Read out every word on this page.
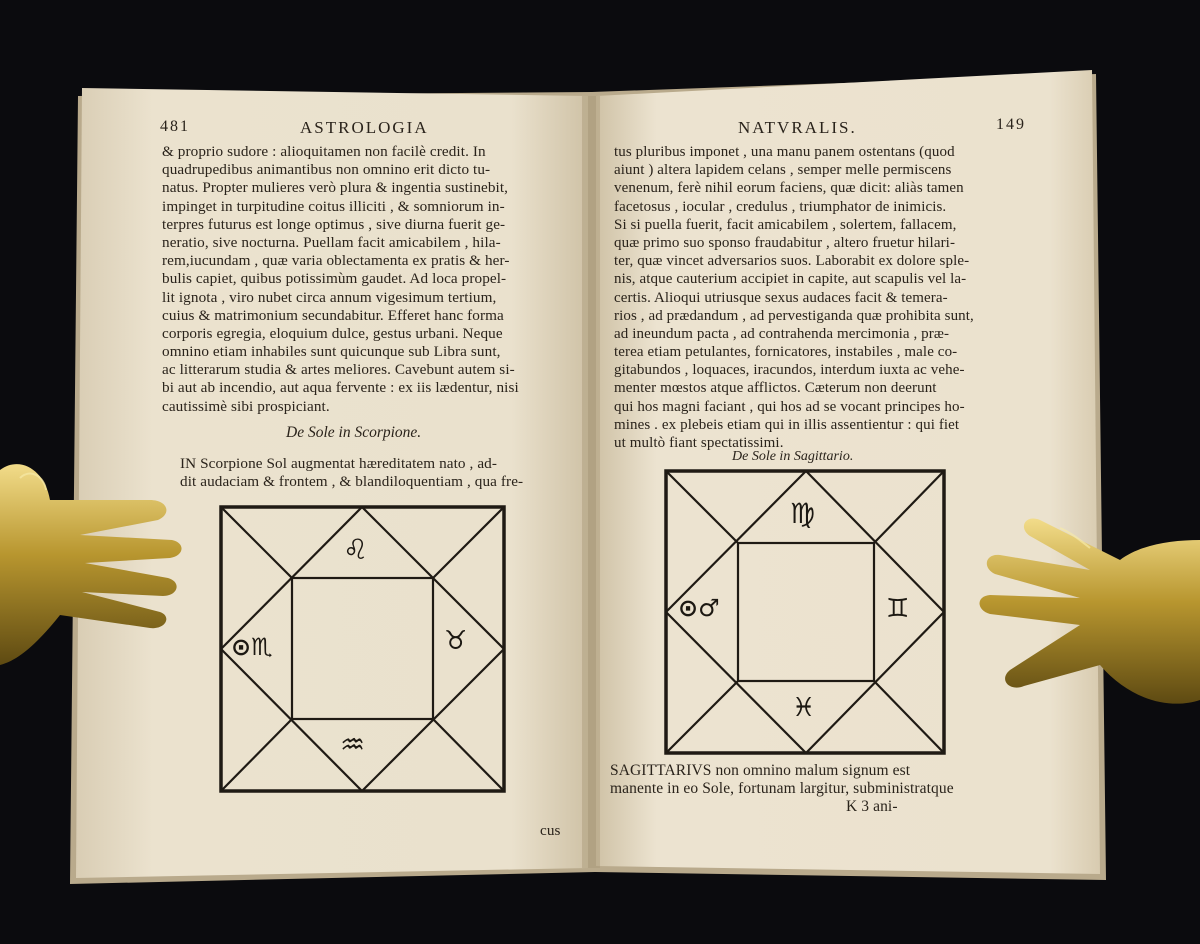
481	ASTROLOGIA
& proprio sudore : alioquitamen non facilè credit. In
quadrupedibus animantibus non omnino erit dicto tu-
natus. Propter mulieres verò plura & ingentia sustinebit,
impinget in turpitudine coitus illiciti , & somniorum in-
terpres futurus est longe optimus , sive diurna fuerit ge-
neratio, sive nocturna. Puellam facit amicabilem , hila-
rem,iucundam , quæ varia oblectamenta ex pratis & her-
bulis capiet, quibus potissimùm gaudet. Ad loca propel-
lit ignota , viro nubet circa annum vigesimum tertium,
cuius & matrimonium secundabitur. Efferet hanc forma
corporis egregia, eloquium dulce, gestus urbani. Neque
omnino etiam inhabiles sunt quicunque sub Libra sunt,
ac litterarum studia & artes meliores. Cavebunt autem si-
bi aut ab incendio, aut aqua fervente : ex iis lædentur, nisi
cautissimè sibi prospiciant.
De Sole in Scorpione.
IN Scorpione Sol augmentat hæreditatem nato , ad-
dit audaciam & frontem , & blandiloquentiam , qua fre-
cus
♌
⊙♏	♉
♒
NATVRALIS.	149
tus pluribus imponet , una manu panem ostentans (quod
aiunt ) altera lapidem celans , semper melle permiscens
venenum, ferè nihil eorum faciens, quæ dicit: aliàs tamen
facetosus , iocular , credulus , triumphator de inimicis.
Si si puella fuerit, facit amicabilem , solertem, fallacem,
quæ primo suo sponso fraudabitur , altero fruetur hilari-
ter, quæ vincet adversarios suos. Laborabit ex dolore sple-
nis, atque cauterium accipiet in capite, aut scapulis vel la-
certis. Alioqui utriusque sexus audaces facit & temera-
rios , ad prædandum , ad pervestiganda quæ prohibita sunt,
ad ineundum pacta , ad contrahenda mercimonia , præ-
terea etiam petulantes, fornicatores, instabiles , male co-
gitabundos , loquaces, iracundos, interdum iuxta ac vehe-
menter mœstos atque afflictos. Cæterum non deerunt
qui hos magni faciant , qui hos ad se vocant principes ho-
mines . ex plebeis etiam qui in illis assentientur : qui fiet
ut multò fiant spectatissimi.
De Sole in Sagittario.
♍
⊙♂	♊
♓
SAGITTARIVS non omnino malum signum est
manente in eo Sole, fortunam largitur, subministratque
K 3 ani-
